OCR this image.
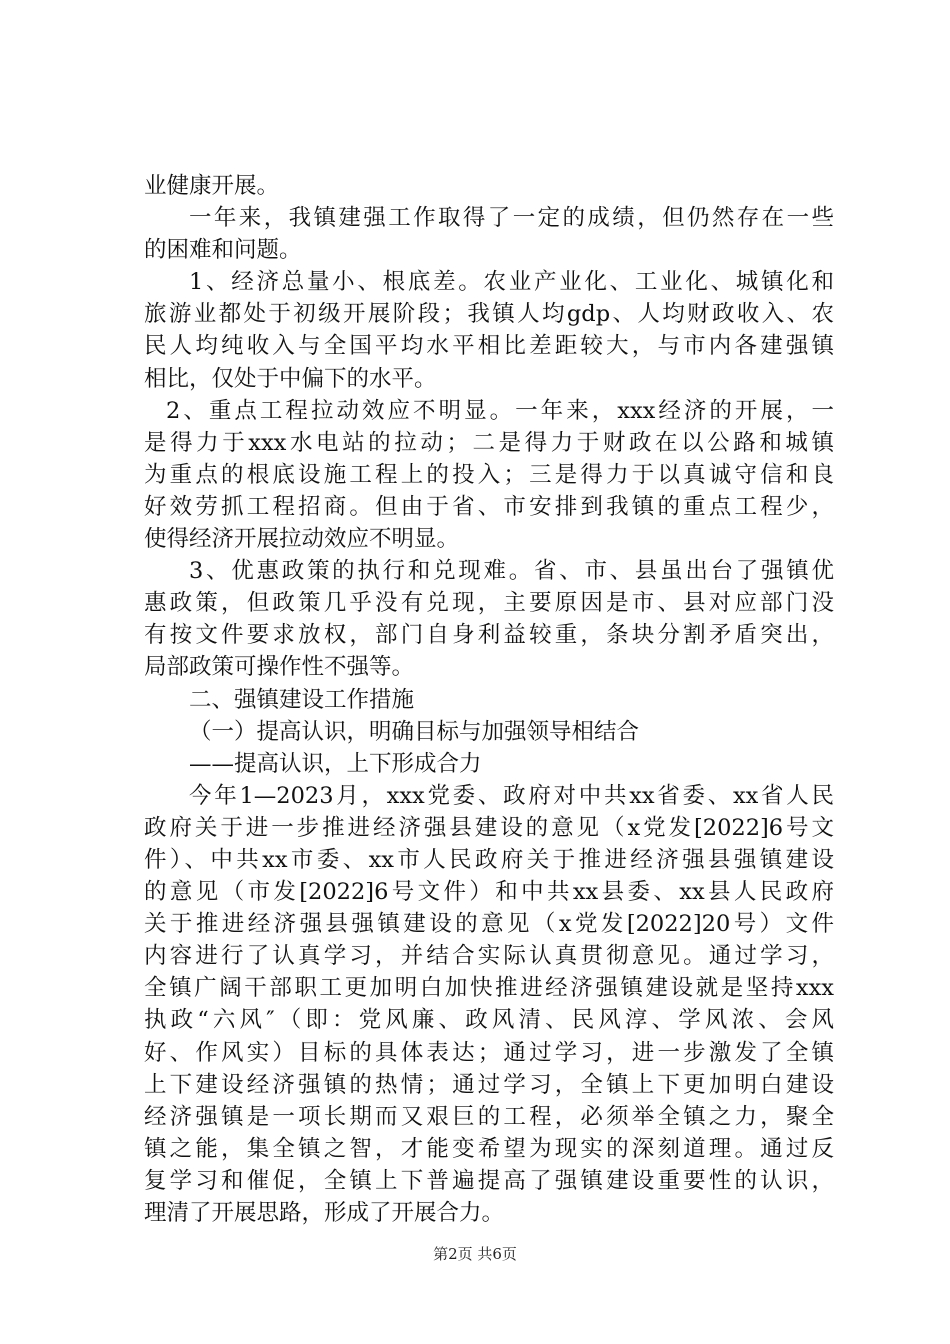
业健康开展。
一年来，我镇建强工作取得了一定的成绩，但仍然存在一些
的困难和问题。
1、经济总量小、根底差。农业产业化、工业化、城镇化和
旅游业都处于初级开展阶段；我镇人均gdp、人均财政收入、农
民人均纯收入与全国平均水平相比差距较大，与市内各建强镇
相比，仅处于中偏下的水平。
2、重点工程拉动效应不明显。一年来，xxx经济的开展，一
是得力于xxx水电站的拉动；二是得力于财政在以公路和城镇
为重点的根底设施工程上的投入；三是得力于以真诚守信和良
好效劳抓工程招商。但由于省、市安排到我镇的重点工程少，
使得经济开展拉动效应不明显。
3、优惠政策的执行和兑现难。省、市、县虽出台了强镇优
惠政策，但政策几乎没有兑现，主要原因是市、县对应部门没
有按文件要求放权，部门自身利益较重，条块分割矛盾突出，
局部政策可操作性不强等。
二、强镇建设工作措施
（一）提高认识，明确目标与加强领导相结合
——提高认识，上下形成合力
今年1—2023月，xxx党委、政府对中共xx省委、xx省人民
政府关于进一步推进经济强县建设的意见（x党发[2022]6号文
件）、中共xx市委、xx市人民政府关于推进经济强县强镇建设
的意见（市发[2022]6号文件）和中共xx县委、xx县人民政府
关于推进经济强县强镇建设的意见（x党发[2022]20号）文件
内容进行了认真学习，并结合实际认真贯彻意见。通过学习，
全镇广阔干部职工更加明白加快推进经济强镇建设就是坚持xxx
执政“六风″（即：党风廉、政风清、民风淳、学风浓、会风
好、作风实）目标的具体表达；通过学习，进一步激发了全镇
上下建设经济强镇的热情；通过学习，全镇上下更加明白建设
经济强镇是一项长期而又艰巨的工程，必须举全镇之力，聚全
镇之能，集全镇之智，才能变希望为现实的深刻道理。通过反
复学习和催促，全镇上下普遍提高了强镇建设重要性的认识，
理清了开展思路，形成了开展合力。
第2页 共6页
